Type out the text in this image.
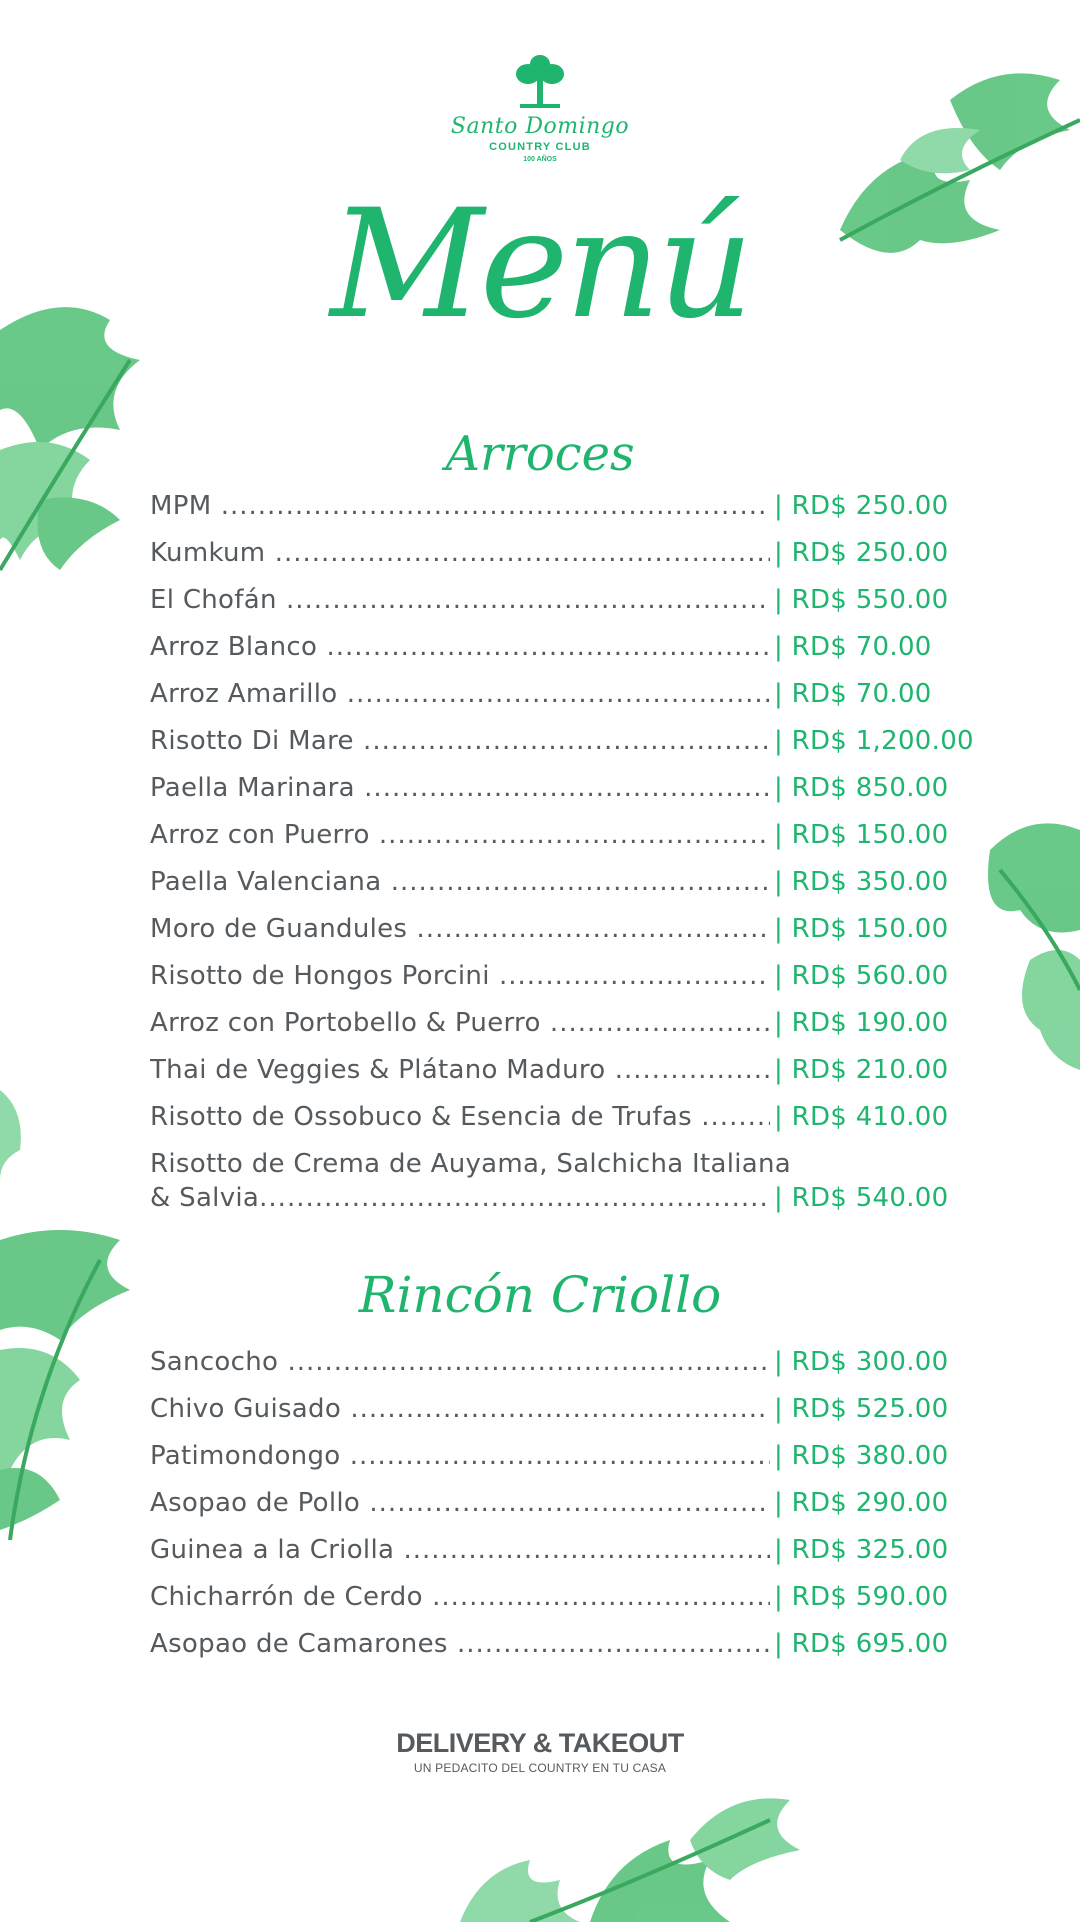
Santo Domingo
COUNTRY CLUB
100 AÑOS
Menú
Arroces
MPM .....	| RD$ 250.00
Kumkum .....	| RD$ 250.00
El Chofán .....	| RD$ 550.00
Arroz Blanco .....	| RD$ 70.00
Arroz Amarillo .....	| RD$ 70.00
Risotto Di Mare .....	| RD$ 1,200.00
Paella Marinara .....	| RD$ 850.00
Arroz con Puerro .....	| RD$ 150.00
Paella Valenciana .....	| RD$ 350.00
Moro de Guandules .....	| RD$ 150.00
Risotto de Hongos Porcini .....	| RD$ 560.00
Arroz con Portobello & Puerro .....	| RD$ 190.00
Thai de Veggies & Plátano Maduro .....	| RD$ 210.00
Risotto de Ossobuco & Esencia de Trufas .....	| RD$ 410.00
Risotto de Crema de Auyama, Salchicha Italiana
& Salvia .....	| RD$ 540.00
Rincón Criollo
Sancocho .....	| RD$ 300.00
Chivo Guisado .....	| RD$ 525.00
Patimondongo .....	| RD$ 380.00
Asopao de Pollo .....	| RD$ 290.00
Guinea a la Criolla .....	| RD$ 325.00
Chicharrón de Cerdo .....	| RD$ 590.00
Asopao de Camarones .....	| RD$ 695.00
DELIVERY & TAKEOUT
UN PEDACITO DEL COUNTRY EN TU CASA
